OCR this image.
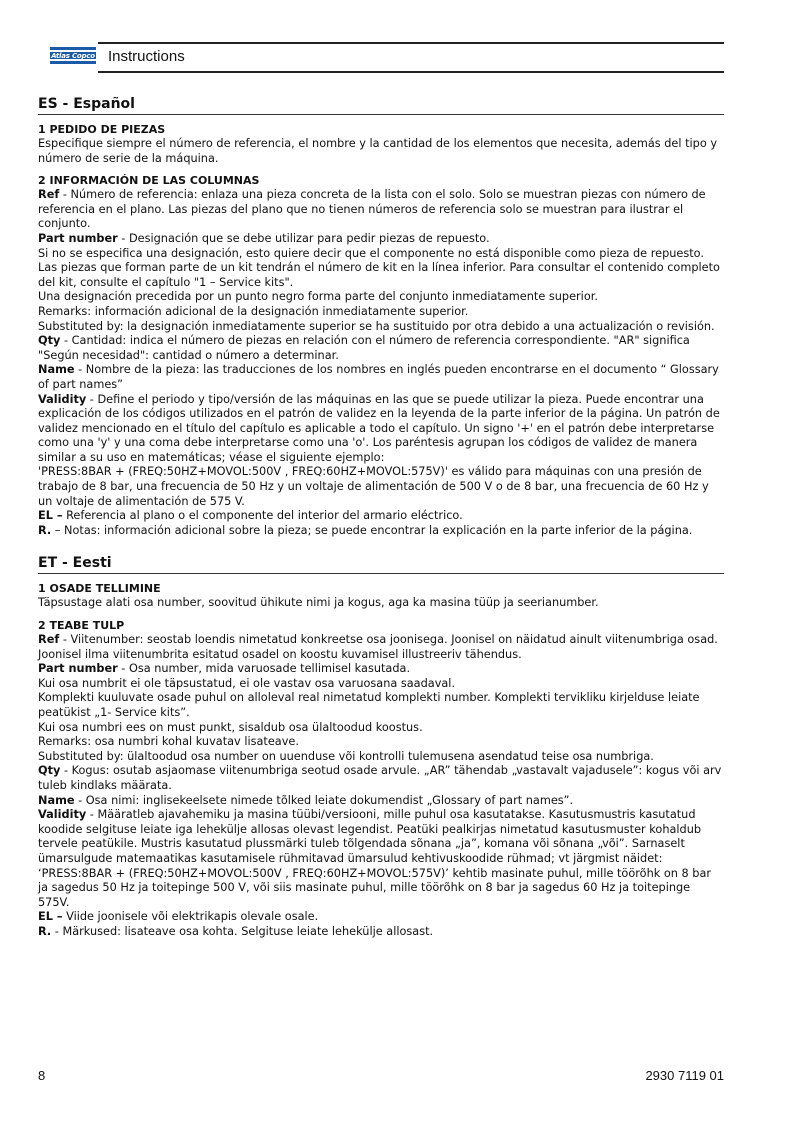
Atlas Copco Instructions
ES - Español
1 PEDIDO DE PIEZAS

Especifique siempre el número de referencia, el nombre y la cantidad de los elementos que necesita, además del tipo y número de serie de la máquina.

2 INFORMACIÓN DE LAS COLUMNAS

Ref - Número de referencia: enlaza una pieza concreta de la lista con el solo. Solo se muestran piezas con número de referencia en el plano. Las piezas del plano que no tienen números de referencia solo se muestran para ilustrar el conjunto.

Part number - Designación que se debe utilizar para pedir piezas de repuesto.

Si no se especifica una designación, esto quiere decir que el componente no está disponible como pieza de repuesto. Las piezas que forman parte de un kit tendrán el número de kit en la línea inferior. Para consultar el contenido completo del kit, consulte el capítulo "1 – Service kits".

Una designación precedida por un punto negro forma parte del conjunto inmediatamente superior.

Remarks: información adicional de la designación inmediatamente superior.

Substituted by: la designación inmediatamente superior se ha sustituido por otra debido a una actualización o revisión.

Qty - Cantidad: indica el número de piezas en relación con el número de referencia correspondiente. "AR" significa "Según necesidad": cantidad o número a determinar.

Name - Nombre de la pieza: las traducciones de los nombres en inglés pueden encontrarse en el documento “ Glossary of part names”

Validity - Define el periodo y tipo/versión de las máquinas en las que se puede utilizar la pieza. Puede encontrar una explicación de los códigos utilizados en el patrón de validez en la leyenda de la parte inferior de la página. Un patrón de validez mencionado en el título del capítulo es aplicable a todo el capítulo. Un signo '+' en el patrón debe interpretarse como una 'y' y una coma debe interpretarse como una 'o'. Los paréntesis agrupan los códigos de validez de manera similar a su uso en matemáticas; véase el siguiente ejemplo:

'PRESS:8BAR + (FREQ:50HZ+MOVOL:500V , FREQ:60HZ+MOVOL:575V)' es válido para máquinas con una presión de trabajo de 8 bar, una frecuencia de 50 Hz y un voltaje de alimentación de 500 V o de 8 bar, una frecuencia de 60 Hz y un voltaje de alimentación de 575 V.

EL – Referencia al plano o el componente del interior del armario eléctrico.

R. – Notas: información adicional sobre la pieza; se puede encontrar la explicación en la parte inferior de la página.

ET - Eesti
1 OSADE TELLIMINE

Täpsustage alati osa number, soovitud ühikute nimi ja kogus, aga ka masina tüüp ja seerianumber.

2 TEABE TULP

Ref - Viitenumber: seostab loendis nimetatud konkreetse osa joonisega. Joonisel on näidatud ainult viitenumbriga osad. Joonisel ilma viitenumbrita esitatud osadel on koostu kuvamisel illustreeriv tähendus.

Part number - Osa number, mida varuosade tellimisel kasutada.

Kui osa numbrit ei ole täpsustatud, ei ole vastav osa varuosana saadaval.

Komplekti kuuluvate osade puhul on alloleval real nimetatud komplekti number. Komplekti tervikliku kirjelduse leiate peatükist „1- Service kits”.

Kui osa numbri ees on must punkt, sisaldub osa ülaltoodud koostus.

Remarks: osa numbri kohal kuvatav lisateave.

Substituted by: ülaltoodud osa number on uuenduse või kontrolli tulemusena asendatud teise osa numbriga.

Qty - Kogus: osutab asjaomase viitenumbriga seotud osade arvule. „AR” tähendab „vastavalt vajadusele”: kogus või arv tuleb kindlaks määrata.

Name - Osa nimi: inglisekeelsete nimede tõlked leiate dokumendist „Glossary of part names”.

Validity - Määratleb ajavahemiku ja masina tüübi/versiooni, mille puhul osa kasutatakse. Kasutusmustris kasutatud koodide selgituse leiate iga lehekülje allosas olevast legendist. Peatüki pealkirjas nimetatud kasutusmuster kohaldub tervele peatükile. Mustris kasutatud plussmärki tuleb tõlgendada sõnana „ja”, komana või sõnana „või”. Sarnaselt ümarsulgude matemaatikas kasutamisele rühmitavad ümarsulud kehtivuskoodide rühmad; vt järgmist näidet: ‘PRESS:8BAR + (FREQ:50HZ+MOVOL:500V , FREQ:60HZ+MOVOL:575V)’ kehtib masinate puhul, mille töörõhk on 8 bar ja sagedus 50 Hz ja toitepinge 500 V, või siis masinate puhul, mille töörõhk on 8 bar ja sagedus 60 Hz ja toitepinge 575V.

EL – Viide joonisele või elektrikapis olevale osale.

R. - Märkused: lisateave osa kohta. Selgituse leiate lehekülje allosast.

8	2930 7119 01
